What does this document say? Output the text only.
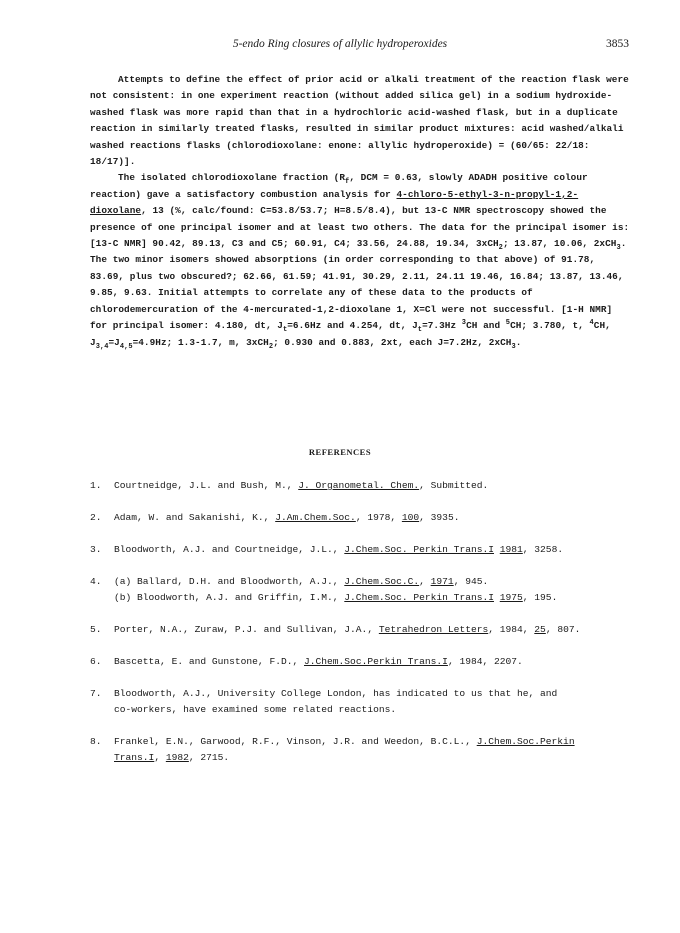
5-endo Ring closures of allylic hydroperoxides	3853

Attempts to define the effect of prior acid or alkali treatment of the reaction flask were not consistent: in one experiment reaction (without added silica gel) in a sodium hydroxide-washed flask was more rapid than that in a hydrochloric acid-washed flask, but in a duplicate reaction in similarly treated flasks, resulted in similar product mixtures: acid washed/alkali washed reactions flasks (chlorodioxolane: enone: allylic hydroperoxide) = (60/65: 22/18: 18/17)].

The isolated chlorodioxolane fraction ($R_f$, DCM = 0.63, slowly ADADH positive colour reaction) gave a satisfactory combustion analysis for 4-chloro-5-ethyl-3-n-propyl-1,2-dioxolane, 13 (%, calc/found: C=53.8/53.7; H=8.5/8.4), but 13-C NMR spectroscopy showed the presence of one principal isomer and at least two others. The data for the principal isomer is: [13-C NMR] 90.42, 89.13, C3 and C5; 60.91, C4; 33.56, 24.88, 19.34, 3xCH$_2$; 13.87, 10.06, 2xCH$_3$. The two minor isomers showed absorptions (in order corresponding to that above) of 91.78, 83.69, plus two obscured?; 62.66, 61.59; 41.91, 30.29, 2.11, 24.11 19.46, 16.84; 13.87, 13.46, 9.85, 9.63. Initial attempts to correlate any of these data to the products of chlorodemercuration of the 4-mercurated-1,2-dioxolane 1, X=Cl were not successful. [1-H NMR] for principal isomer: 4.180, dt, $J_t=6.6Hz$ and 4.254, dt, $J_t=7.3Hz$ $^3$CH and $^5$CH; 3.780, t, $^4$CH, $J_{3,4}=J_{4,5}=4.9Hz$; 1.3-1.7, m, 3xCH$_2$; 0.930 and 0.883, 2xt, each J=7.2Hz, 2xCH$_3$.

REFERENCES
1. Courtneidge, J.L. and Bush, M., J. Organometal. Chem., Submitted.
2. Adam, W. and Sakanishi, K., J.Am.Chem.Soc., 1978, 100, 3935.
3. Bloodworth, A.J. and Courtneidge, J.L., J.Chem.Soc. Perkin Trans.I 1981, 3258.
4. (a) Ballard, D.H. and Bloodworth, A.J., J.Chem.Soc.C., 1971, 945.
(b) Bloodworth, A.J. and Griffin, I.M., J.Chem.Soc. Perkin Trans.I 1975, 195.
5. Porter, N.A., Zuraw, P.J. and Sullivan, J.A., Tetrahedron Letters, 1984, 25, 807.
6. Bascetta, E. and Gunstone, F.D., J.Chem.Soc.Perkin Trans.I, 1984, 2207.
7. Bloodworth, A.J., University College London, has indicated to us that he, and
co-workers, have examined some related reactions.
8. Frankel, E.N., Garwood, R.F., Vinson, J.R. and Weedon, B.C.L., J.Chem.Soc.Perkin
Trans.I, 1982, 2715.
